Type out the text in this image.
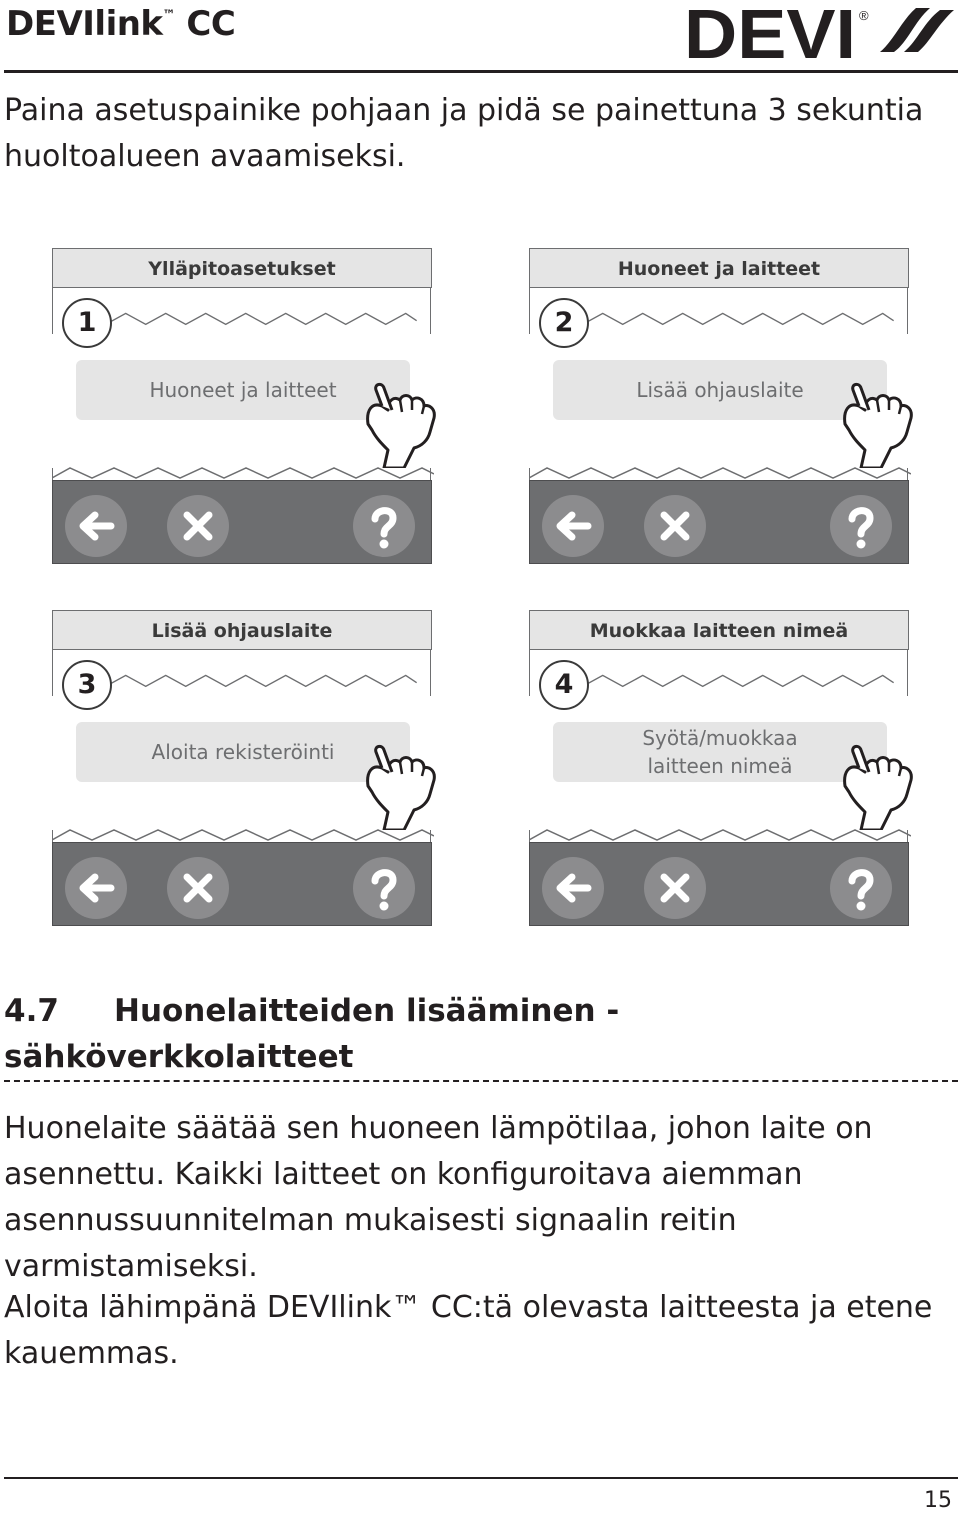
DEVIlink™ CC	DEVI ®
Paina asetuspainike pohjaan ja pidä se painettuna 3 sekuntia huoltoalueen avaamiseksi.
Ylläpitoasetukset
1
Huoneet ja laitteet
Huoneet ja laitteet
2
Lisää ohjauslaite
Lisää ohjauslaite
3
Aloita rekisteröinti
Muokkaa laitteen nimeä
4
Syötä/muokkaa laitteen nimeä
4.7 Huonelaitteiden lisääminen - sähköverkkolaitteet
Huonelaite säätää sen huoneen lämpötilaa, johon laite on asennettu. Kaikki laitteet on konfiguroitava aiemman asennussuunnitelman mukaisesti signaalin reitin varmistamiseksi.
Aloita lähimpänä DEVIlink™ CC:tä olevasta laitteesta ja etene kauemmas.
15
